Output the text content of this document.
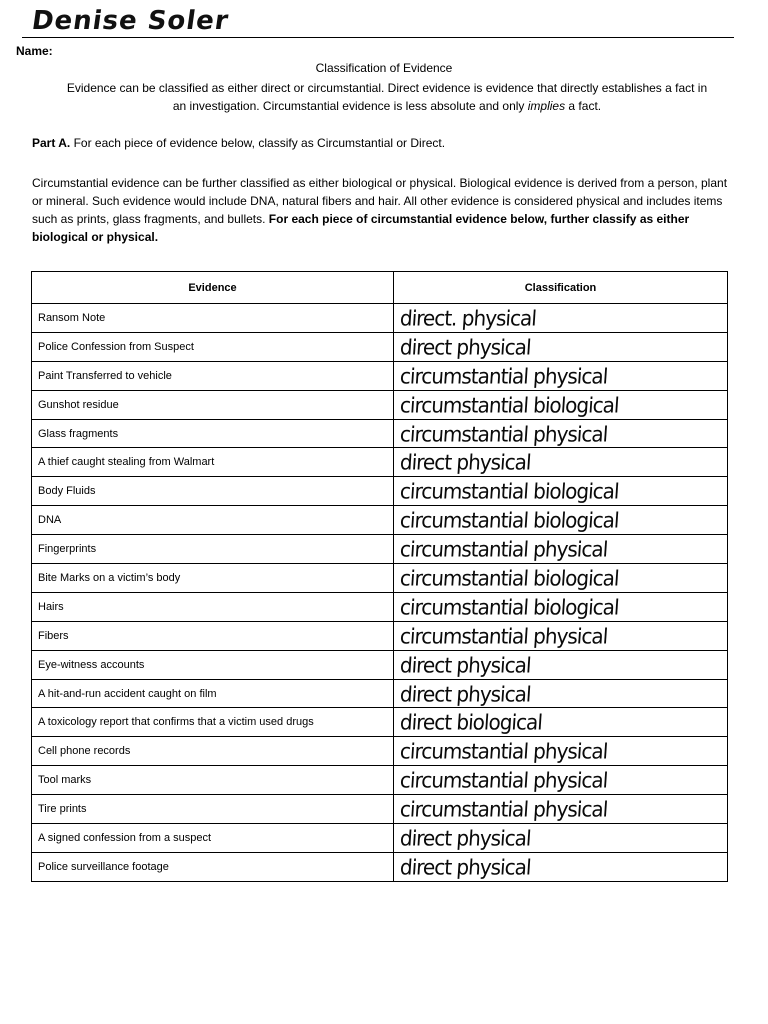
Denise Soler
Name:
Classification of Evidence
Evidence can be classified as either direct or circumstantial. Direct evidence is evidence that directly establishes a fact in an investigation. Circumstantial evidence is less absolute and only implies a fact.
Part A. For each piece of evidence below, classify as Circumstantial or Direct.
Circumstantial evidence can be further classified as either biological or physical. Biological evidence is derived from a person, plant or mineral. Such evidence would include DNA, natural fibers and hair. All other evidence is considered physical and includes items such as prints, glass fragments, and bullets. For each piece of circumstantial evidence below, further classify as either biological or physical.
Evidence	Classification
Ransom Note	direct. physical

Police Confession from Suspect	direct physical

Paint Transferred to vehicle	circumstantial physical

Gunshot residue	circumstantial biological

Glass fragments	circumstantial physical

A thief caught stealing from Walmart	direct physical

Body Fluids	circumstantial biological

DNA	circumstantial biological

Fingerprints	circumstantial physical

Bite Marks on a victim’s body	circumstantial biological

Hairs	circumstantial biological

Fibers	circumstantial physical

Eye-witness accounts	direct physical

A hit-and-run accident caught on film	direct physical

A toxicology report that confirms that a victim used drugs	direct biological

Cell phone records	circumstantial physical

Tool marks	circumstantial physical

Tire prints	circumstantial physical

A signed confession from a suspect	direct physical

Police surveillance footage	direct physical
